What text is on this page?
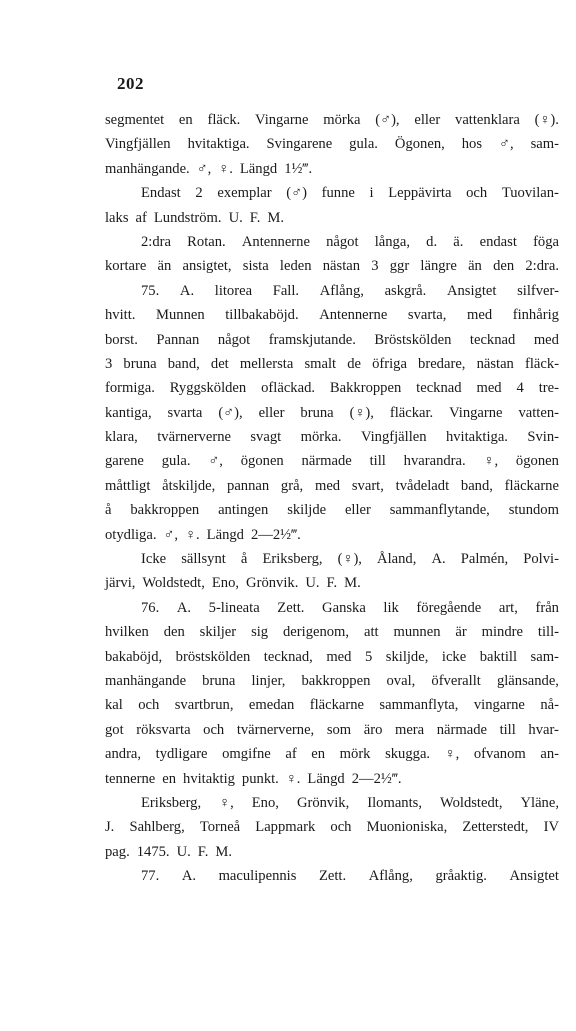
202
segmentet en fläck. Vingarne mörka (♂), eller vattenklara (♀).
Vingfjällen hvitaktiga. Svingarene gula. Ögonen, hos ♂, sam-
manhängande. ♂, ♀. Längd 1½‴.
Endast 2 exemplar (♂) funne i Leppävirta och Tuovilan-
laks af Lundström. U. F. M.
2:dra Rotan. Antennerne något långa, d. ä. endast föga
kortare än ansigtet, sista leden nästan 3 ggr längre än den 2:dra.
75. A. litorea Fall. Aflång, askgrå. Ansigtet silfver-
hvitt. Munnen tillbakaböjd. Antennerne svarta, med finhårig
borst. Pannan något framskjutande. Bröstskölden tecknad med
3 bruna band, det mellersta smalt de öfriga bredare, nästan fläck-
formiga. Ryggskölden ofläckad. Bakkroppen tecknad med 4 tre-
kantiga, svarta (♂), eller bruna (♀), fläckar. Vingarne vatten-
klara, tvärnerverne svagt mörka. Vingfjällen hvitaktiga. Svin-
garene gula. ♂, ögonen närmade till hvarandra. ♀, ögonen
måttligt åtskiljde, pannan grå, med svart, tvådeladt band, fläckarne
å bakkroppen antingen skiljde eller sammanflytande, stundom
otydliga. ♂, ♀. Längd 2—2½‴.
Icke sällsynt å Eriksberg, (♀), Åland, A. Palmén, Polvi-
järvi, Woldstedt, Eno, Grönvik. U. F. M.
76. A. 5-lineata Zett. Ganska lik föregående art, från
hvilken den skiljer sig derigenom, att munnen är mindre till-
bakaböjd, bröstskölden tecknad, med 5 skiljde, icke baktill sam-
manhängande bruna linjer, bakkroppen oval, öfverallt glänsande,
kal och svartbrun, emedan fläckarne sammanflyta, vingarne nå-
got röksvarta och tvärnerverne, som äro mera närmade till hvar-
andra, tydligare omgifne af en mörk skugga. ♀, ofvanom an-
tennerne en hvitaktig punkt. ♀. Längd 2—2½‴.
Eriksberg, ♀, Eno, Grönvik, Ilomants, Woldstedt, Yläne,
J. Sahlberg, Torneå Lappmark och Muonioniska, Zetterstedt, IV
pag. 1475. U. F. M.
77. A. maculipennis Zett. Aflång, gråaktig. Ansigtet
